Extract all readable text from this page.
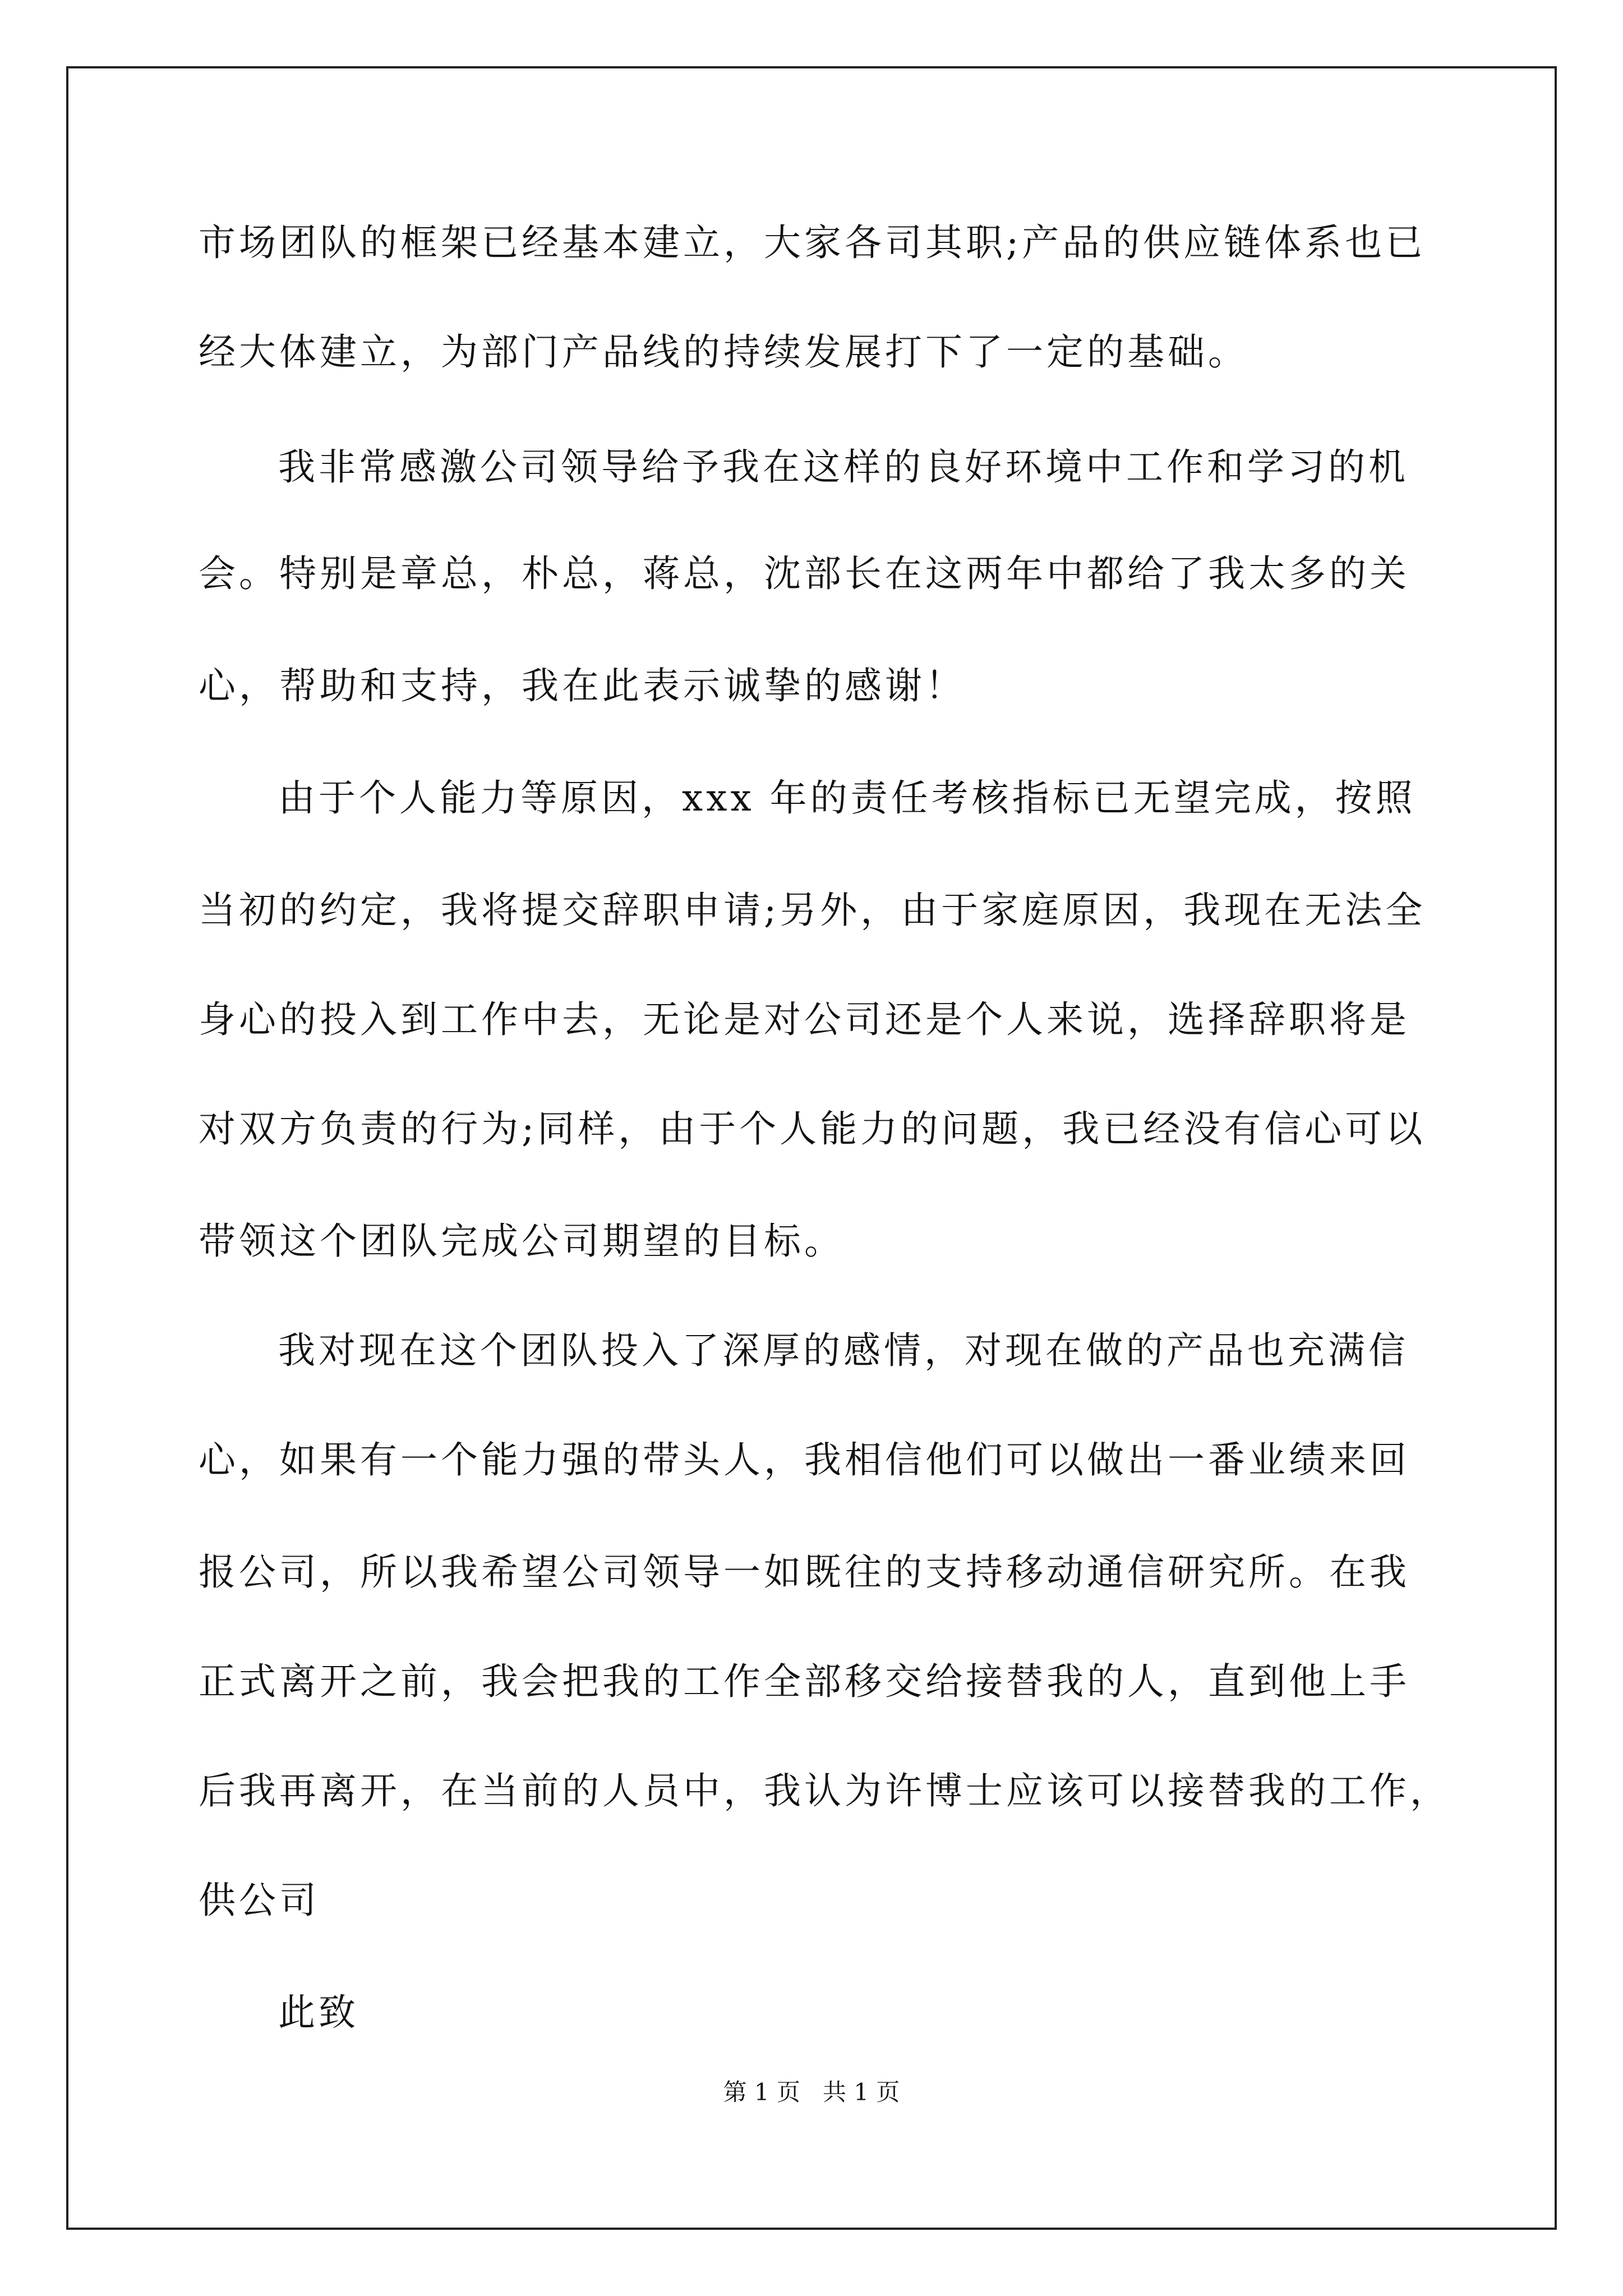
市场团队的框架已经基本建立，大家各司其职;产品的供应链体系也已
经大体建立，为部门产品线的持续发展打下了一定的基础。
我非常感激公司领导给予我在这样的良好环境中工作和学习的机
会。特别是章总，朴总，蒋总，沈部长在这两年中都给了我太多的关
心，帮助和支持，我在此表示诚挚的感谢！
由于个人能力等原因，xxx 年的责任考核指标已无望完成，按照
当初的约定，我将提交辞职申请;另外，由于家庭原因，我现在无法全
身心的投入到工作中去，无论是对公司还是个人来说，选择辞职将是
对双方负责的行为;同样，由于个人能力的问题，我已经没有信心可以
带领这个团队完成公司期望的目标。
我对现在这个团队投入了深厚的感情，对现在做的产品也充满信
心，如果有一个能力强的带头人，我相信他们可以做出一番业绩来回
报公司，所以我希望公司领导一如既往的支持移动通信研究所。在我
正式离开之前，我会把我的工作全部移交给接替我的人，直到他上手
后我再离开，在当前的人员中，我认为许博士应该可以接替我的工作，
供公司
此致
第 1 页 共 1 页
